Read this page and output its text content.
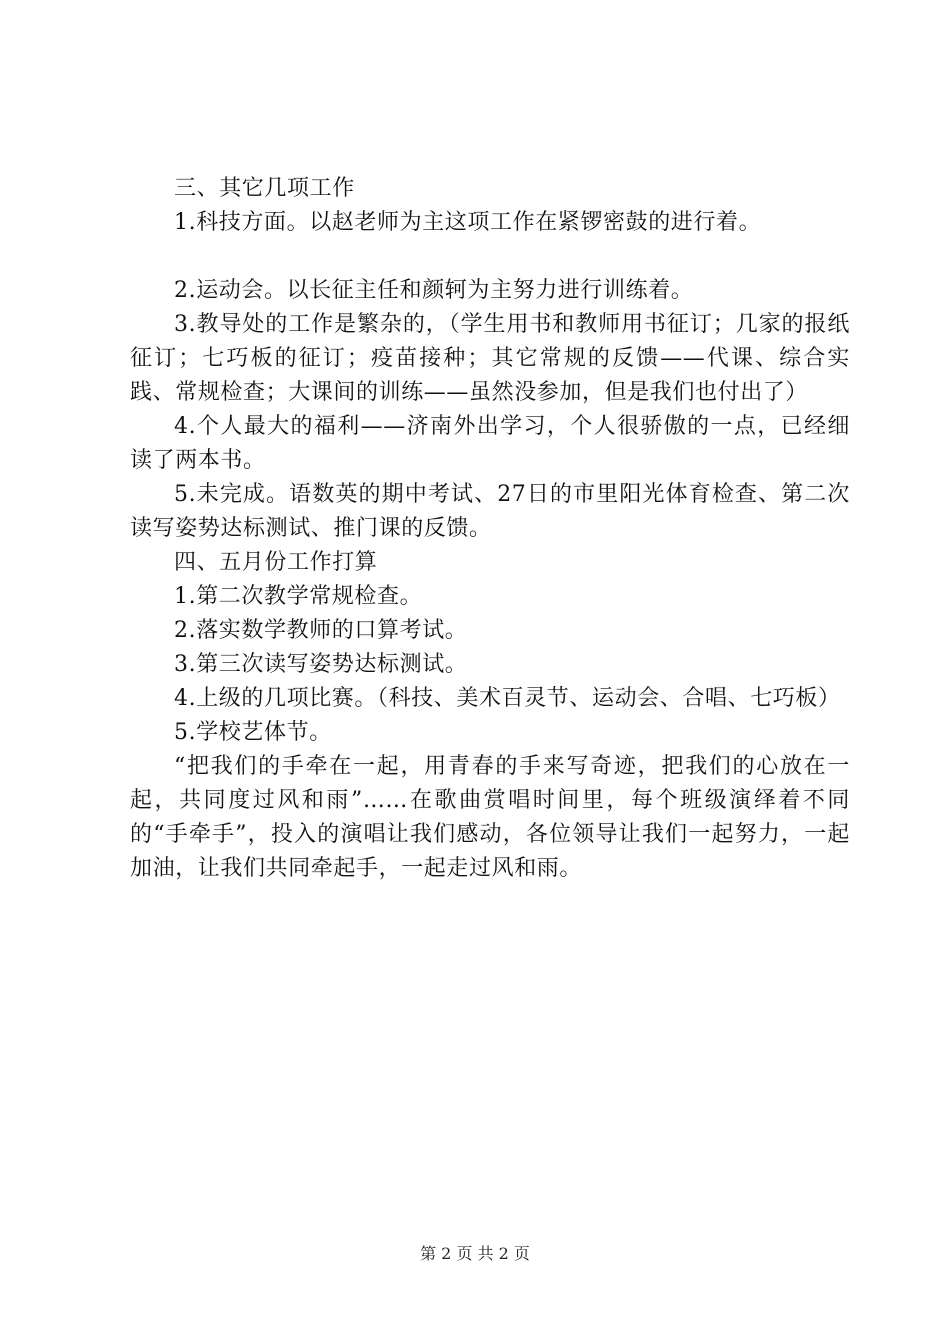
三、其它几项工作

1.科技方面。以赵老师为主这项工作在紧锣密鼓的进行着。

2.运动会。以长征主任和颜轲为主努力进行训练着。

3.教导处的工作是繁杂的，（学生用书和教师用书征订；几家的报纸征订；七巧板的征订；疫苗接种；其它常规的反馈——代课、综合实践、常规检查；大课间的训练——虽然没参加，但是我们也付出了）

4.个人最大的福利——济南外出学习，个人很骄傲的一点，已经细读了两本书。

5.未完成。语数英的期中考试、27日的市里阳光体育检查、第二次读写姿势达标测试、推门课的反馈。

四、五月份工作打算

1.第二次教学常规检查。

2.落实数学教师的口算考试。

3.第三次读写姿势达标测试。

4.上级的几项比赛。（科技、美术百灵节、运动会、合唱、七巧板）

5.学校艺体节。

“把我们的手牵在一起，用青春的手来写奇迹，把我们的心放在一起，共同度过风和雨”……在歌曲赏唱时间里，每个班级演绎着不同的“手牵手”，投入的演唱让我们感动，各位领导让我们一起努力，一起加油，让我们共同牵起手，一起走过风和雨。

第 2 页 共 2 页
